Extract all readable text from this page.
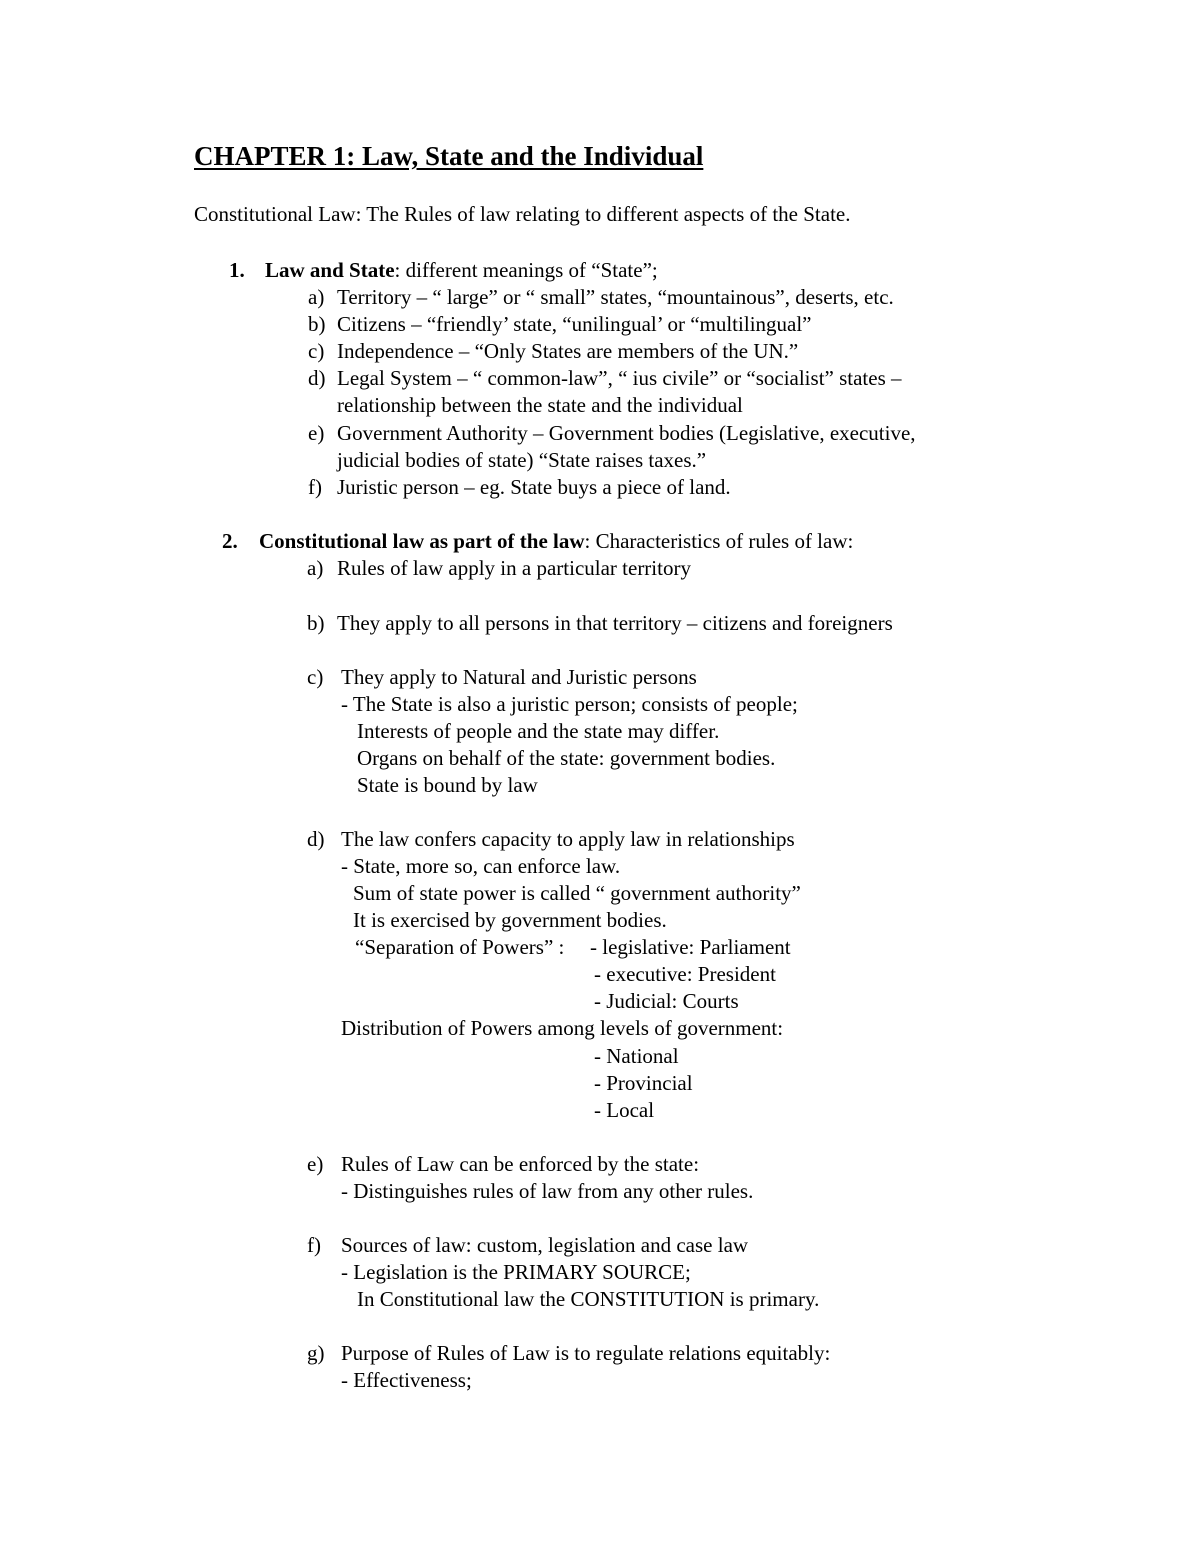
CHAPTER 1: Law, State and the Individual
Constitutional Law: The Rules of law relating to different aspects of the State.
1. Law and State: different meanings of “State”;
a) Territory – “ large” or “ small” states, “mountainous”, deserts, etc.
b) Citizens – “friendly’ state, “unilingual’ or “multilingual”
c) Independence – “Only States are members of the UN.”
d) Legal System – “ common-law”, “ ius civile” or “socialist” states –
relationship between the state and the individual
e) Government Authority – Government bodies (Legislative, executive,
judicial bodies of state) “State raises taxes.”
f) Juristic person – eg. State buys a piece of land.
2. Constitutional law as part of the law: Characteristics of rules of law:
a) Rules of law apply in a particular territory
b) They apply to all persons in that territory – citizens and foreigners
c) They apply to Natural and Juristic persons
- The State is also a juristic person; consists of people;
Interests of people and the state may differ.
Organs on behalf of the state: government bodies.
State is bound by law
d) The law confers capacity to apply law in relationships
- State, more so, can enforce law.
Sum of state power is called “ government authority”
It is exercised by government bodies.
“Separation of Powers” : - legislative: Parliament
- executive: President
- Judicial: Courts
Distribution of Powers among levels of government:
- National
- Provincial
- Local
e) Rules of Law can be enforced by the state:
- Distinguishes rules of law from any other rules.
f) Sources of law: custom, legislation and case law
- Legislation is the PRIMARY SOURCE;
In Constitutional law the CONSTITUTION is primary.
g) Purpose of Rules of Law is to regulate relations equitably:
- Effectiveness;
